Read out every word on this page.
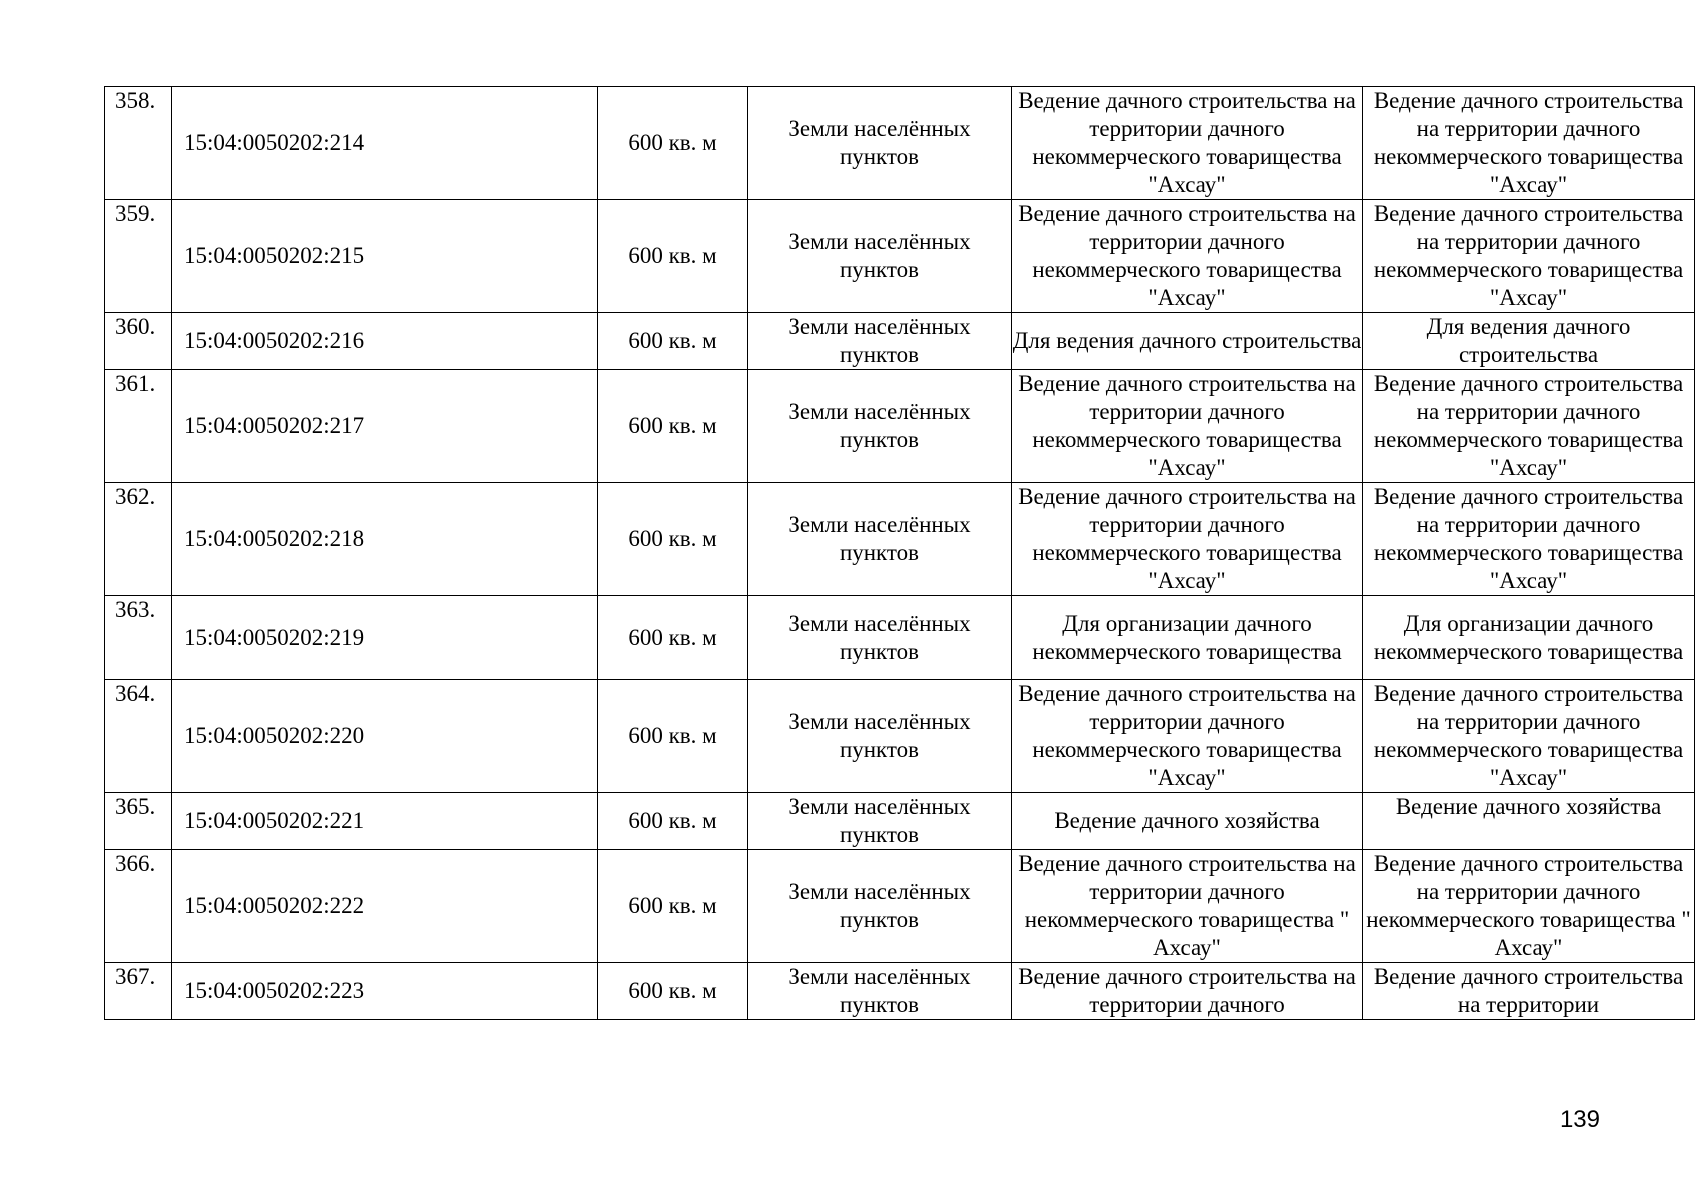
358.	15:04:0050202:214	600 кв. м	Земли населённых пунктов	Ведение дачного строительства на территории дачного некоммерческого товарищества "Ахсау"	Ведение дачного строительства на территории дачного некоммерческого товарищества "Ахсау"
359.	15:04:0050202:215	600 кв. м	Земли населённых пунктов	Ведение дачного строительства на территории дачного некоммерческого товарищества "Ахсау"	Ведение дачного строительства на территории дачного некоммерческого товарищества "Ахсау"
360.	15:04:0050202:216	600 кв. м	Земли населённых пунктов	Для ведения дачного строительства	Для ведения дачного строительства
361.	15:04:0050202:217	600 кв. м	Земли населённых пунктов	Ведение дачного строительства на территории дачного некоммерческого товарищества "Ахсау"	Ведение дачного строительства на территории дачного некоммерческого товарищества "Ахсау"
362.	15:04:0050202:218	600 кв. м	Земли населённых пунктов	Ведение дачного строительства на территории дачного некоммерческого товарищества "Ахсау"	Ведение дачного строительства на территории дачного некоммерческого товарищества "Ахсау"
363.	15:04:0050202:219	600 кв. м	Земли населённых пунктов	Для организации дачного некоммерческого товарищества	Для организации дачного некоммерческого товарищества
364.	15:04:0050202:220	600 кв. м	Земли населённых пунктов	Ведение дачного строительства на территории дачного некоммерческого товарищества "Ахсау"	Ведение дачного строительства на территории дачного некоммерческого товарищества "Ахсау"
365.	15:04:0050202:221	600 кв. м	Земли населённых пунктов	Ведение дачного хозяйства	Ведение дачного хозяйства
366.	15:04:0050202:222	600 кв. м	Земли населённых пунктов	Ведение дачного строительства на территории дачного некоммерческого товарищества " Ахсау"	Ведение дачного строительства на территории дачного некоммерческого товарищества " Ахсау"
367.	15:04:0050202:223	600 кв. м	Земли населённых пунктов	Ведение дачного строительства на территории дачного	Ведение дачного строительства на территории
139
